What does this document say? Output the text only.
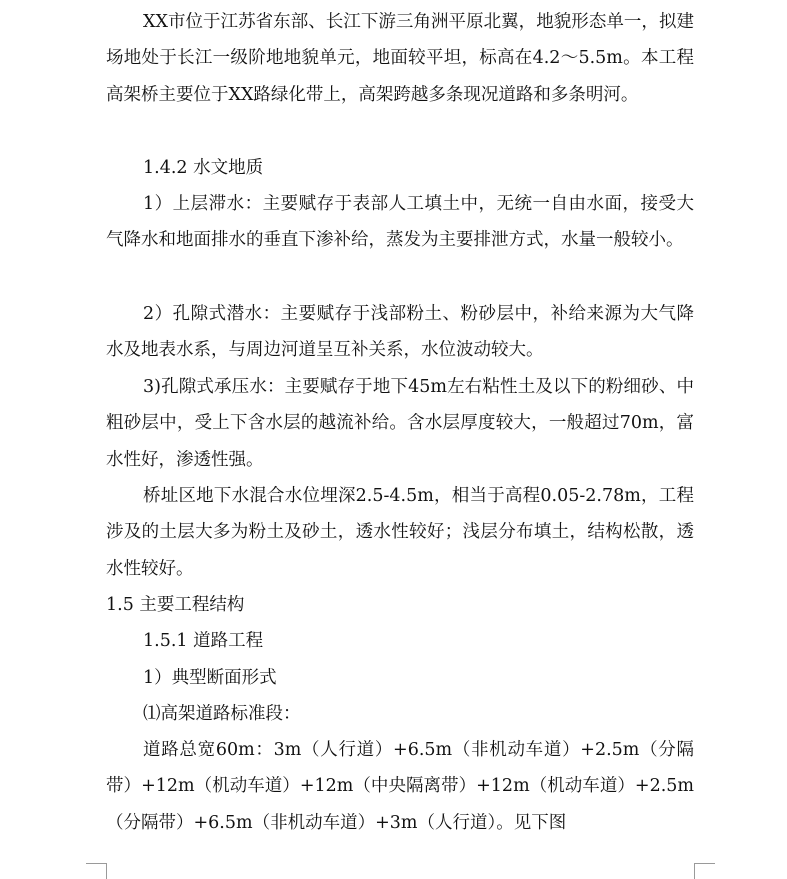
XX市位于江苏省东部、长江下游三角洲平原北翼，地貌形态单一，拟建场地处于长江一级阶地地貌单元，地面较平坦，标高在4.2～5.5m。本工程高架桥主要位于XX路绿化带上，高架跨越多条现况道路和多条明河。

1.4.2 水文地质

1）上层滞水：主要赋存于表部人工填土中，无统一自由水面，接受大气降水和地面排水的垂直下渗补给，蒸发为主要排泄方式，水量一般较小。

2）孔隙式潜水：主要赋存于浅部粉土、粉砂层中，补给来源为大气降水及地表水系，与周边河道呈互补关系，水位波动较大。

3)孔隙式承压水：主要赋存于地下45m左右粘性土及以下的粉细砂、中粗砂层中，受上下含水层的越流补给。含水层厚度较大，一般超过70m，富水性好，渗透性强。

桥址区地下水混合水位埋深2.5-4.5m，相当于高程0.05-2.78m，工程涉及的土层大多为粉土及砂土，透水性较好；浅层分布填土，结构松散，透水性较好。

1.5 主要工程结构

1.5.1 道路工程

1）典型断面形式

⑴高架道路标准段：

道路总宽60m：3m（人行道）+6.5m（非机动车道）+2.5m（分隔带）+12m（机动车道）+12m（中央隔离带）+12m（机动车道）+2.5m（分隔带）+6.5m（非机动车道）+3m（人行道）。见下图
